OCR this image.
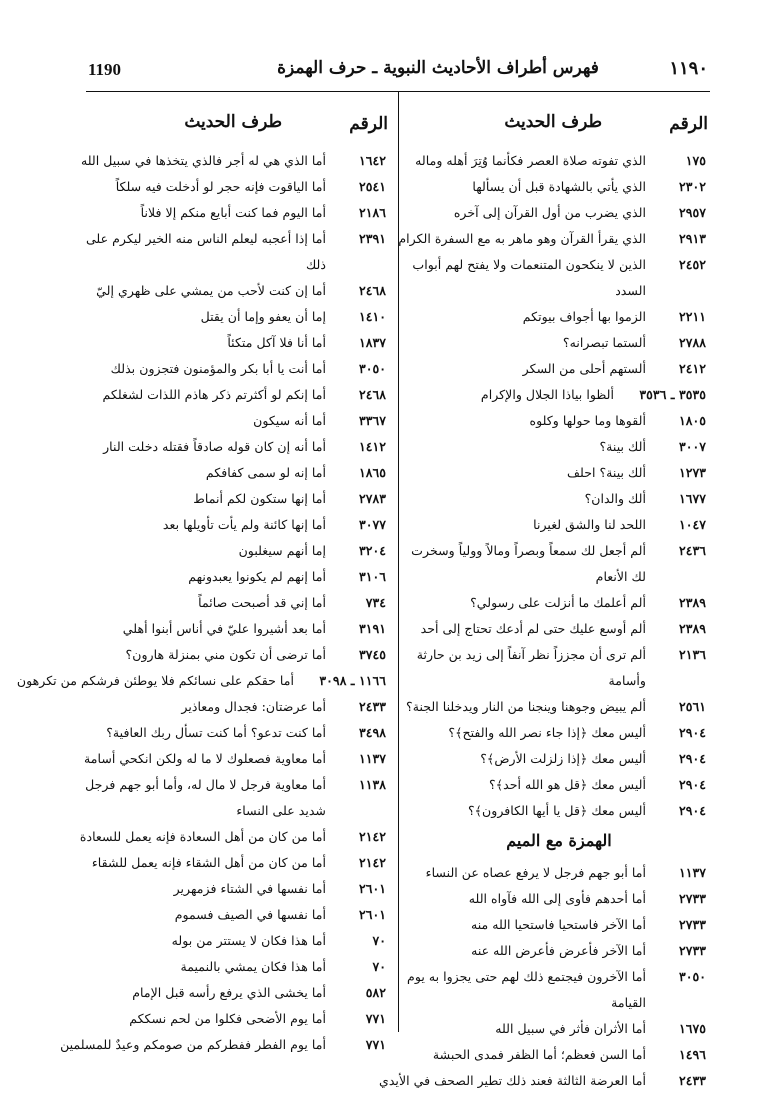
1190	فهرس أطراف الأحاديث النبوية ـ حرف الهمزة	١١٩٠
الرقم
طرف الحديث
١٧٥
الذي تفوته صلاة العصر فكأنما وُتِرَ أهله وماله
٢٣٠٢
الذي يأتي بالشهادة قبل أن يسألها
٢٩٥٧
الذي يضرب من أول القرآن إلى آخره
٢٩١٣
الذي يقرأ القرآن وهو ماهر به مع السفرة الكرام
٢٤٥٢
الذين لا ينكحون المتنعمات ولا يفتح لهم أبواب السدد
٢٢١١
الزموا بها أجواف بيوتكم
٢٧٨٨
ألستما تبصرانه؟
٢٤١٢
ألستهم أحلى من السكر
٣٥٣٥ ـ ٣٥٣٦
ألظوا بياذا الجلال والإكرام
١٨٠٥
ألقوها وما حولها وكلوه
٣٠٠٧
ألك بينة؟
١٢٧٣
ألك بينة؟ احلف
١٦٧٧
ألك والدان؟
١٠٤٧
اللحد لنا والشق لغيرنا
٢٤٣٦
ألم أجعل لك سمعاً وبصراً ومالاً وولياً وسخرت لك الأنعام
٢٣٨٩
ألم أعلمك ما أنزلت على رسولي؟
٢٣٨٩
ألم أوسع عليك حتى لم أدعك تحتاج إلى أحد
٢١٣٦
ألم ترى أن مجززاً نظر آنفاً إلى زيد بن حارثة وأسامة
٢٥٦١
ألم يبيض وجوهنا وينجنا من النار ويدخلنا الجنة؟
٢٩٠٤
أليس معك ﴿إذا جاء نصر الله والفتح﴾؟
٢٩٠٤
أليس معك ﴿إذا زلزلت الأرض﴾؟
٢٩٠٤
أليس معك ﴿قل هو الله أحد﴾؟
٢٩٠٤
أليس معك ﴿قل يا أيها الكافرون﴾؟
الهمزة مع الميم
١١٣٧
أما أبو جهم فرجل لا يرفع عصاه عن النساء
٢٧٣٣
أما أحدهم فأوى إلى الله فآواه الله
٢٧٣٣
أما الآخر فاستحيا فاستحيا الله منه
٢٧٣٣
أما الآخر فأعرض فأعرض الله عنه
٣٠٥٠
أما الآخرون فيجتمع ذلك لهم حتى يجزوا به يوم القيامة
١٦٧٥
أما الأثران فأثر في سبيل الله
١٤٩٦
أما السن فعظم؛ أما الظفر فمدى الحبشة
٢٤٣٣
أما العرضة الثالثة فعند ذلك تطير الصحف في الأيدي
الرقم
طرف الحديث
١٦٤٢
أما الذي هي له أجر فالذي يتخذها في سبيل الله
٢٥٤١
أما الياقوت فإنه حجر لو أدخلت فيه سلكاً
٢١٨٦
أما اليوم فما كنت أبايع منكم إلا فلاناً
٢٣٩١
أما إذا أعجبه ليعلم الناس منه الخير ليكرم على ذلك
٢٤٦٨
أما إن كنت لأحب من يمشي على ظهري إليّ
١٤١٠
إما أن يعفو وإما أن يقتل
١٨٣٧
أما أنا فلا آكل متكئاً
٣٠٥٠
أما أنت يا أبا بكر والمؤمنون فتجزون بذلك
٢٤٦٨
أما إنكم لو أكثرتم ذكر هاذم اللذات لشغلكم
٣٣٦٧
أما أنه سيكون
١٤١٢
أما أنه إن كان قوله صادقاً فقتله دخلت النار
١٨٦٥
أما إنه لو سمى كفافكم
٢٧٨٣
أما إنها ستكون لكم أنماط
٣٠٧٧
أما إنها كائنة ولم يأت تأويلها بعد
٣٢٠٤
إما أنهم سيغلبون
٣١٠٦
أما إنهم لم يكونوا يعبدونهم
٧٣٤
أما إني قد أصبحت صائماً
٣١٩١
أما بعد أشيروا عليّ في أناس أبنوا أهلي
٣٧٤٥
أما ترضى أن تكون مني بمنزلة هارون؟
١١٦٦ ـ ٣٠٩٨
أما حقكم على نسائكم فلا يوطئن فرشكم من تكرهون
٢٤٣٣
أما عرضتان: فجدال ومعاذير
٣٤٩٨
أما كنت تدعو؟ أما كنت تسأل ربك العافية؟
١١٣٧
أما معاوية فصعلوك لا ما له ولكن انكحي أسامة
١١٣٨
أما معاوية فرجل لا مال له، وأما أبو جهم فرجل شديد على النساء
٢١٤٢
أما من كان من أهل السعادة فإنه يعمل للسعادة
٢١٤٢
أما من كان من أهل الشقاء فإنه يعمل للشقاء
٢٦٠١
أما نفسها في الشتاء فزمهرير
٢٦٠١
أما نفسها في الصيف فسموم
٧٠
أما هذا فكان لا يستتر من بوله
٧٠
أما هذا فكان يمشي بالنميمة
٥٨٢
أما يخشى الذي يرفع رأسه قبل الإمام
٧٧١
أما يوم الأضحى فكلوا من لحم نسككم
٧٧١
أما يوم الفطر ففطركم من صومكم وعيدٌ للمسلمين
